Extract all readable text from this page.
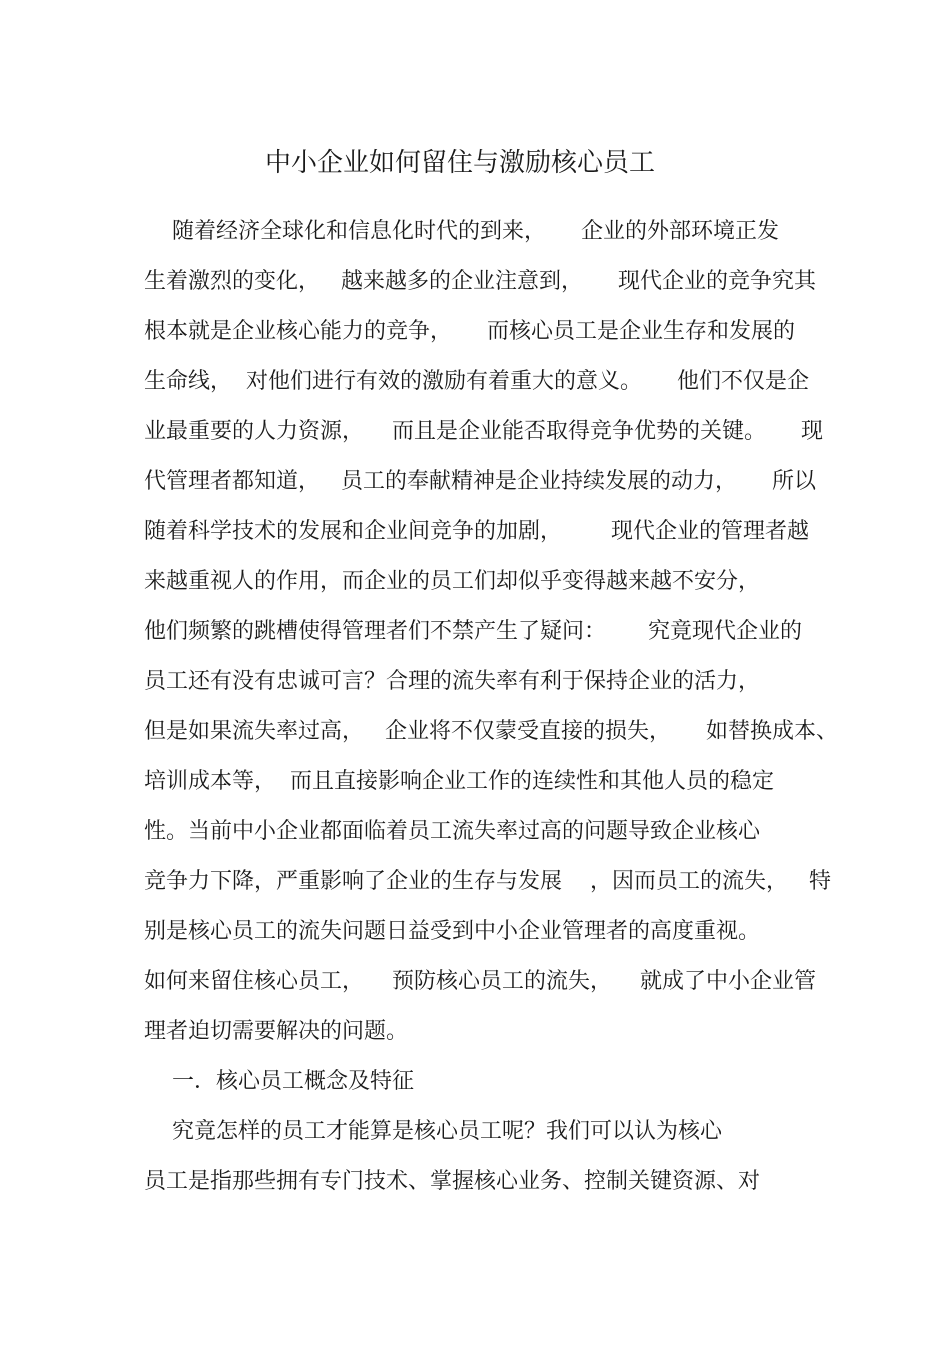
中小企业如何留住与激励核心员工
随着经济全球化和信息化时代的到来，     企业的外部环境正发
生着激烈的变化，   越来越多的企业注意到，     现代企业的竞争究其
根本就是企业核心能力的竞争，     而核心员工是企业生存和发展的
生命线，  对他们进行有效的激励有着重大的意义。     他们不仅是企
业最重要的人力资源，    而且是企业能否取得竞争优势的关键。     现
代管理者都知道，   员工的奉献精神是企业持续发展的动力，     所以
随着科学技术的发展和企业间竞争的加剧，       现代企业的管理者越
来越重视人的作用，而企业的员工们却似乎变得越来越不安分，
他们频繁的跳槽使得管理者们不禁产生了疑问：      究竟现代企业的
员工还有没有忠诚可言？合理的流失率有利于保持企业的活力，
但是如果流失率过高，   企业将不仅蒙受直接的损失，     如替换成本、
培训成本等，  而且直接影响企业工作的连续性和其他人员的稳定
性。当前中小企业都面临着员工流失率过高的问题导致企业核心
竞争力下降，严重影响了企业的生存与发展    ，因而员工的流失，   特
别是核心员工的流失问题日益受到中小企业管理者的高度重视。
如何来留住核心员工，    预防核心员工的流失，    就成了中小企业管
理者迫切需要解决的问题。
一．核心员工概念及特征
究竟怎样的员工才能算是核心员工呢？我们可以认为核心
员工是指那些拥有专门技术、掌握核心业务、控制关键资源、对
